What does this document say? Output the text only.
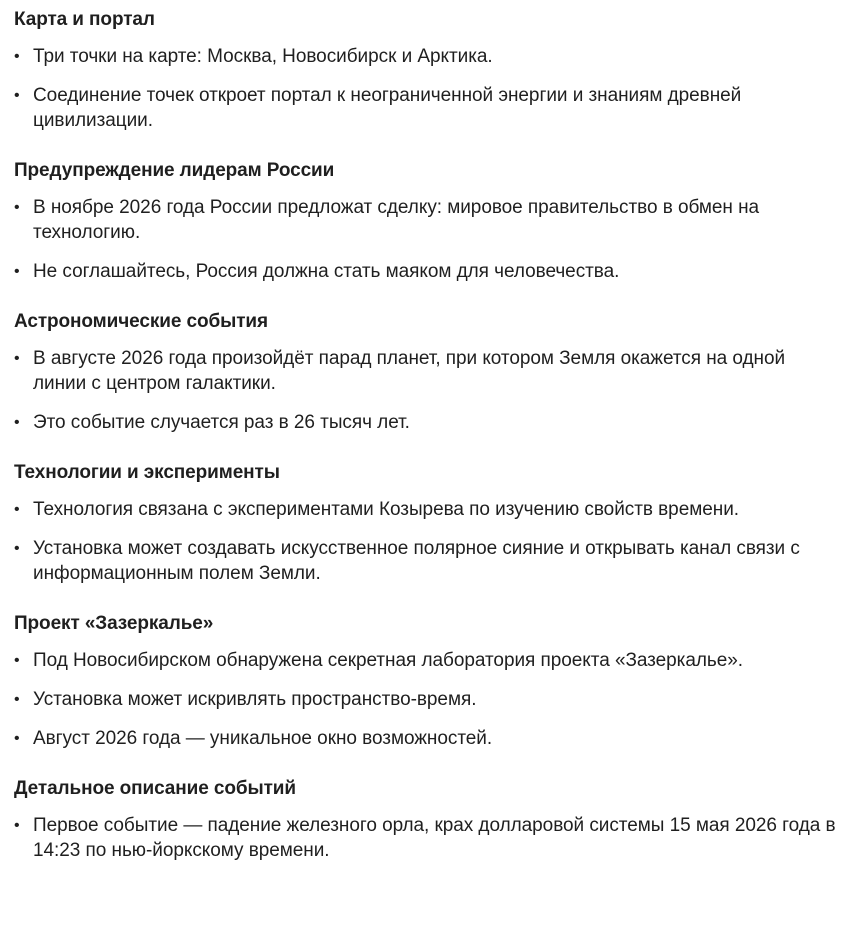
Карта и портал
• Три точки на карте: Москва, Новосибирск и Арктика.
• Соединение точек откроет портал к неограниченной энергии и знаниям древней цивилизации.
Предупреждение лидерам России
• В ноябре 2026 года России предложат сделку: мировое правительство в обмен на технологию.
• Не соглашайтесь, Россия должна стать маяком для человечества.
Астрономические события
• В августе 2026 года произойдёт парад планет, при котором Земля окажется на одной линии с центром галактики.
• Это событие случается раз в 26 тысяч лет.
Технологии и эксперименты
• Технология связана с экспериментами Козырева по изучению свойств времени.
• Установка может создавать искусственное полярное сияние и открывать канал связи с информационным полем Земли.
Проект «Зазеркалье»
• Под Новосибирском обнаружена секретная лаборатория проекта «Зазеркалье».
• Установка может искривлять пространство-время.
• Август 2026 года — уникальное окно возможностей.
Детальное описание событий
• Первое событие — падение железного орла, крах долларовой системы 15 мая 2026 года в 14:23 по нью-йоркскому времени.
